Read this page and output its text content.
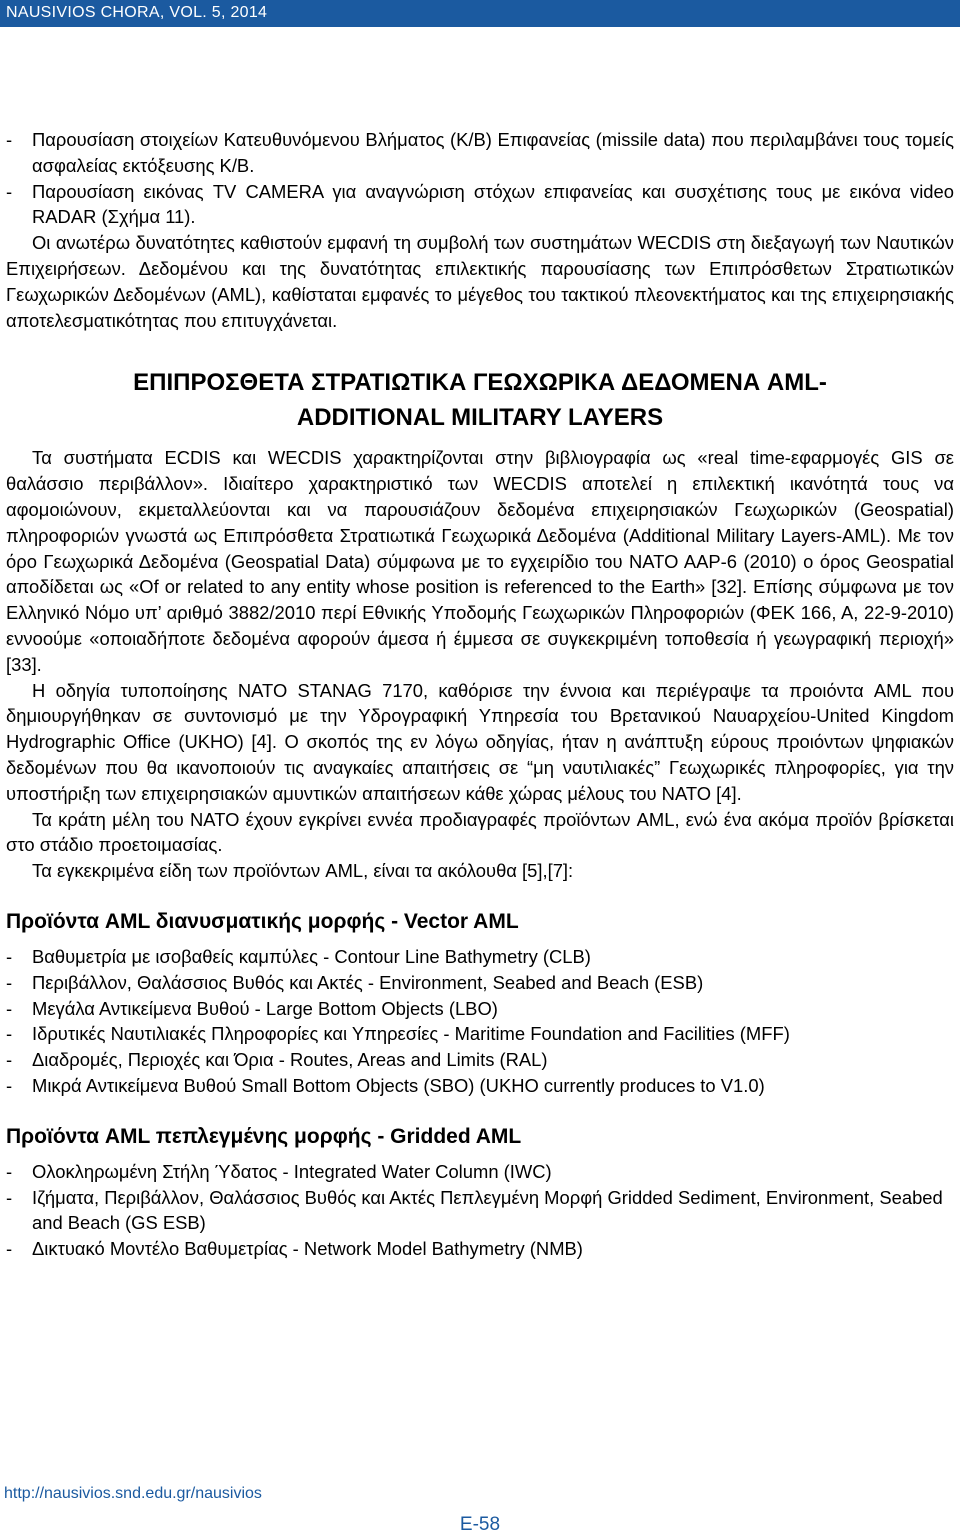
NAUSIVIOS CHORA, VOL. 5, 2014
-	Παρουσίαση στοιχείων Κατευθυνόμενου Βλήματος (Κ/Β) Επιφανείας (missile data) που περιλαμβάνει τους τομείς ασφαλείας εκτόξευσης Κ/Β.
-	Παρουσίαση εικόνας TV CAMERA για αναγνώριση στόχων επιφανείας και συσχέτισης τους με εικόνα video RADAR (Σχήμα 11).
Οι ανωτέρω δυνατότητες καθιστούν εμφανή τη συμβολή των συστημάτων WECDIS στη διεξαγωγή των Ναυτικών Επιχειρήσεων. Δεδομένου και της δυνατότητας επιλεκτικής παρουσίασης των Επιπρόσθετων Στρατιωτικών Γεωχωρικών Δεδομένων (AML), καθίσταται εμφανές το μέγεθος του τακτικού πλεονεκτήματος και της επιχειρησιακής αποτελεσματικότητας που επιτυγχάνεται.
ΕΠΙΠΡΟΣΘΕΤΑ ΣΤΡΑΤΙΩΤΙΚΑ ΓΕΩΧΩΡΙΚΑ ΔΕΔΟΜΕΝΑ AML-
ADDITIONAL MILITARY LAYERS
Τα συστήματα ECDIS και WECDIS χαρακτηρίζονται στην βιβλιογραφία ως «real time-εφαρμογές GIS σε θαλάσσιο περιβάλλον». Ιδιαίτερο χαρακτηριστικό των WECDIS αποτελεί η επιλεκτική ικανότητά τους να αφομοιώνουν, εκμεταλλεύονται και να παρουσιάζουν δεδομένα επιχειρησιακών Γεωχωρικών (Geospatial) πληροφοριών γνωστά ως Επιπρόσθετα Στρατιωτικά Γεωχωρικά Δεδομένα (Additional Military Layers-AML). Με τον όρο Γεωχωρικά Δεδομένα (Geospatial Data) σύμφωνα με το εγχειρίδιο του NATO AAP-6 (2010) ο όρος Geospatial αποδίδεται ως «Of or related to any entity whose position is referenced to the Earth» [32]. Επίσης σύμφωνα με τον Ελληνικό Νόμο υπ’ αριθμό 3882/2010 περί Εθνικής Υποδομής Γεωχωρικών Πληροφοριών (ΦΕΚ 166, Α, 22-9-2010) εννοούμε «οποιαδήποτε δεδομένα αφορούν άμεσα ή έμμεσα σε συγκεκριμένη τοποθεσία ή γεωγραφική περιοχή» [33].
Η οδηγία τυποποίησης NATO STANAG 7170, καθόρισε την έννοια και περιέγραψε τα προιόντα AML που δημιουργήθηκαν σε συντονισμό με την Υδρογραφική Υπηρεσία του Βρετανικού Ναυαρχείου-United Kingdom Hydrographic Office (UKHO) [4]. Ο σκοπός της εν λόγω οδηγίας, ήταν η ανάπτυξη εύρους προιόντων ψηφιακών δεδομένων που θα ικανοποιούν τις αναγκαίες απαιτήσεις σε “μη ναυτιλιακές” Γεωχωρικές πληροφορίες, για την υποστήριξη των επιχειρησιακών αμυντικών απαιτήσεων κάθε χώρας μέλους του NATO [4].
Τα κράτη μέλη του NATO έχουν εγκρίνει εννέα προδιαγραφές προϊόντων AML, ενώ ένα ακόμα προϊόν βρίσκεται στο στάδιο προετοιμασίας.
Τα εγκεκριμένα είδη των προϊόντων AML, είναι τα ακόλουθα [5],[7]:
Προϊόντα AML διανυσματικής μορφής - Vector AML
-	Βαθυμετρία με ισοβαθείς καμπύλες - Contour Line Bathymetry (CLB)
-	Περιβάλλον, Θαλάσσιος Βυθός και Ακτές - Environment, Seabed and Beach (ESB)
-	Μεγάλα Αντικείμενα Βυθού - Large Bottom Objects (LBO)
-	Ιδρυτικές Ναυτιλιακές Πληροφορίες και Υπηρεσίες - Maritime Foundation and Facilities (MFF)
-	Διαδρομές, Περιοχές και Όρια - Routes, Areas and Limits (RAL)
-	Μικρά Αντικείμενα Βυθού Small Bottom Objects (SBO) (UKHO currently produces to V1.0)
Προϊόντα AML πεπλεγμένης μορφής - Gridded AML
-	Ολοκληρωμένη Στήλη Ύδατος - Integrated Water Column (IWC)
-	Ιζήματα, Περιβάλλον, Θαλάσσιος Βυθός και Ακτές Πεπλεγμένη Μορφή Gridded Sediment, Environment, Seabed and Beach (GS ESB)
-	Δικτυακό Μοντέλο Βαθυμετρίας - Network Model Bathymetry (NMB)
http://nausivios.snd.edu.gr/nausivios
E-58
